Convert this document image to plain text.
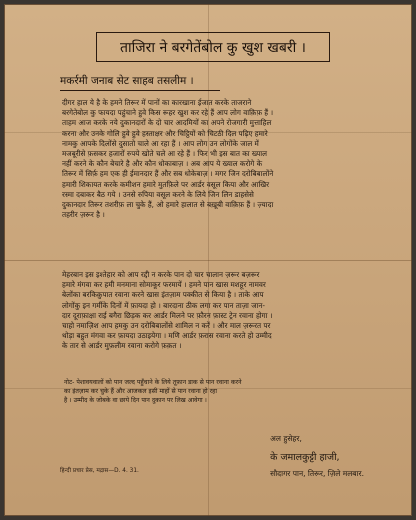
ताजिरा ने बरगेतेंबोल कु खुश खबरी ।
मकर्रमी जनाब सेट साहब तसलीम ।
दीगर हाल ये है के हमने तिरूर में पानों का कारखाना ईजात करके ताजराने
बरगेतेबोल कु फायदा पहुंचाने हुवे किस रूहर खुश कर रहे हैं आप लोग वाक़िफ़ हैं ।
ताहम आज करके नये दुकानदारों के दो चार आदमियों का अपने रोजगारी मुत्ताहिल
करना और उनके गोलि हुवे हुवे हस्ताक्षर और चिट्ठियों को चिटठी दिल पढ़िए हमारे
नामकु आपके दिलोंसे दुसातो चाले आ रहा हैं । आप लोग उन लोगोंके जाल में
मजबूरीसे फ़सकर हजारों रुपये खोते चले आ रहे हैं । फिर भी इस बात का ख्याल
नहीं करने के कौन बेचारे है और कौन धोकाबाज़ । अब आप ये ख्याल करोगे के
तिरूर में सिर्फ़ हम एक ही ईमानदार हैं और सब धोकेबाज़ । मगर जिन दरोबिबालोंने
हमारी शिकायत करके कमीशन हमारे मुतफ़िले पर आर्डर वसूल किया और आखिर
रस्मा दबाकर बैठ गये । उनसे रुपिया वसूल करने के लिये जिन लिन डाहसेसे
दुकानदार तिरूर तशरीफ़ ला चुके हैं, ओ हमारे हालात से बख़ूबी वाक़िफ़ हैं । ज़्यादा
तहरीर ज़रूर है ।
मेहरबान इस इश्तेहार को आप रद्दी न करके पान दो चार चालान ज़रूर बज़रूर
हमारे मंगवा कर हमी मनमाना सोमाकूर फरमायें । हमने पान खास मशहूर नामवर
बेलोंका बरकिक़ुपात रवाना करने खास इंतज़ाम पक्कीत से किया है । ताके आप
लोगोंकु इन गर्मीके दिनों में फ़ायदा हो । बारदाना ठीक लगा कर पान ताज़ा जान-
दार दूराफ़ाक्षा राई बगैरा छिड़क कर आर्डर मिलने पर फ़ौरन फ़ास्ट ट्रेन रवाना होगा ।
चाहो नमाज़िश आप हमकु उन दरोबिबालोंसे शामिल न करें । और माल ज़रूरत पर
थोड़ा बहुत मंगवा कर फ़ायदा उठाइयेगा । मणि आर्डर फ़रास रवाना करते हो उम्मीद
के तार से आर्डर मुफ़लीम रवाना करोगे फ़क़त ।
नोट- पेशावयवालों को पान जल्द पहुँचाने के लिये तूफ़ान डाक से पान रवाना करने
का इंतज़ाम कर चुके हैं और आजकल इसी माहों से पान रवाना हो रहा
है । उम्मीद के जोबके वा छाये दिन पान दुकान पर लिख आवेगा ।
अल हुसेहर,
के जमालकुट्टी हाजी,
सौदागर पान, तिरूर, ज़िले मलबार.
हिन्दी प्रचार प्रेस, मद्रास—D. 4. 31.
